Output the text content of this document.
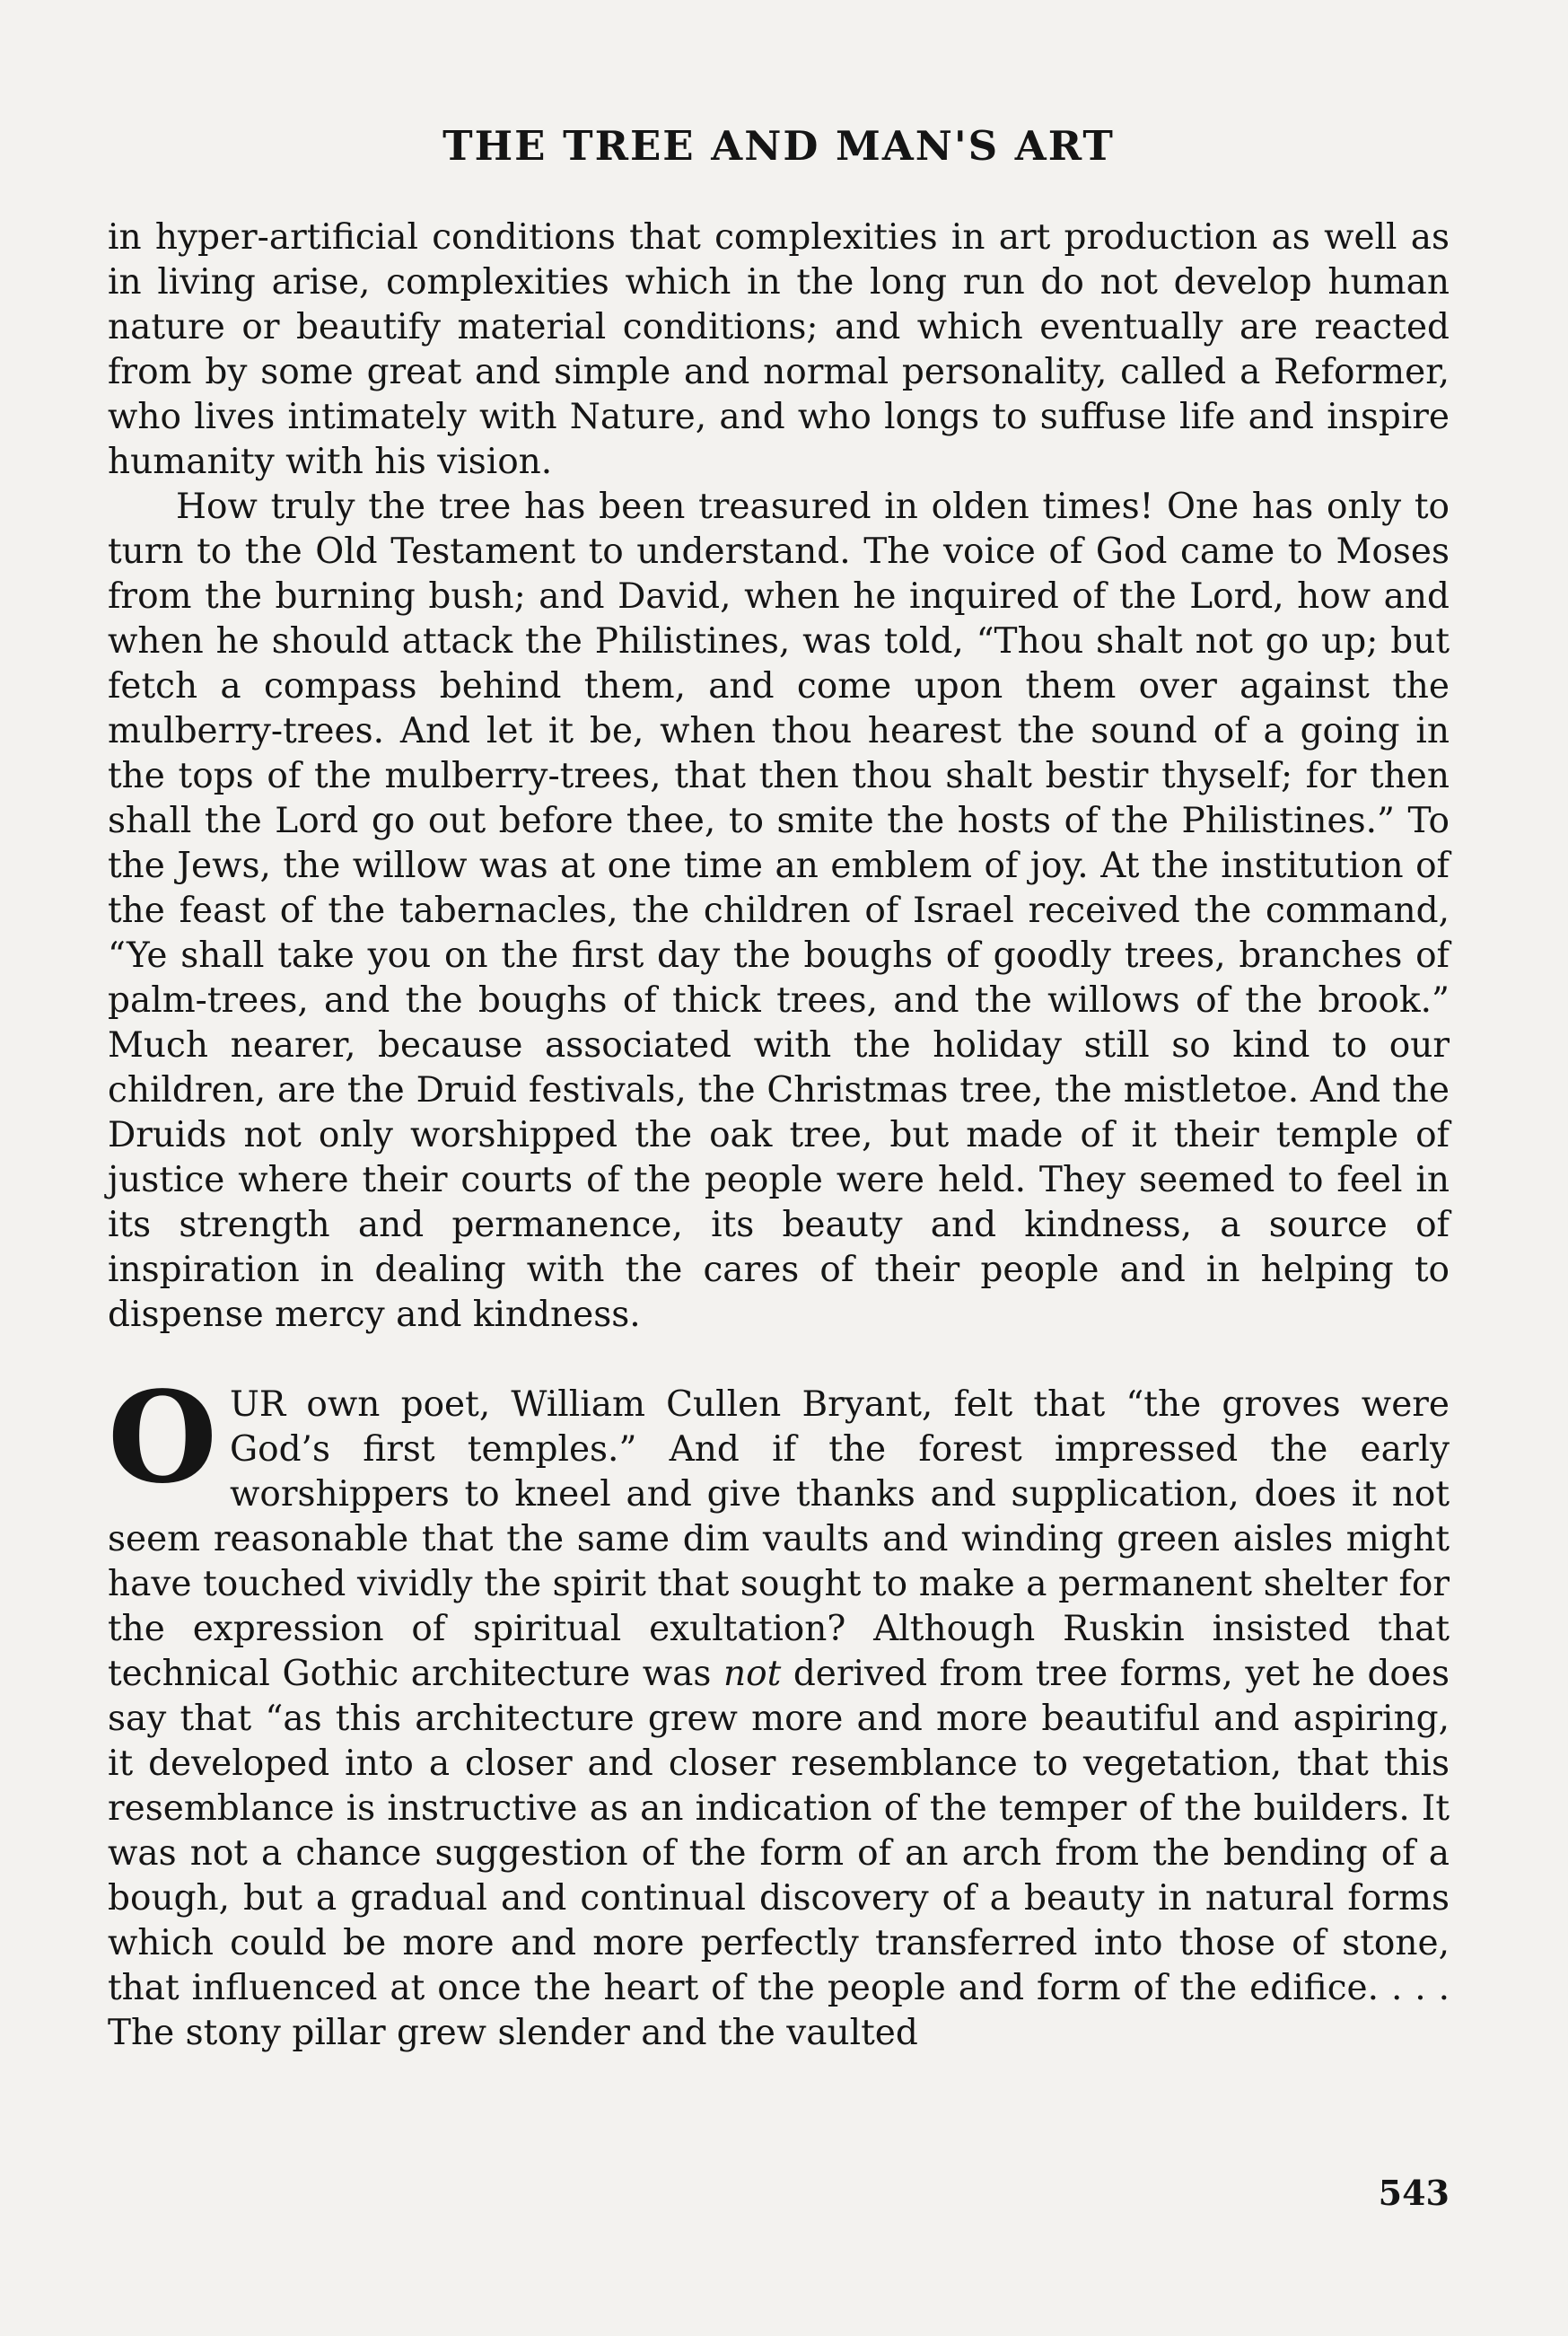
THE TREE AND MAN'S ART

in hyper-artificial conditions that complexities in art production as well as in living arise, complexities which in the long run do not develop human nature or beautify material conditions; and which eventually are reacted from by some great and simple and normal personality, called a Reformer, who lives intimately with Nature, and who longs to suffuse life and inspire humanity with his vision.

How truly the tree has been treasured in olden times! One has only to turn to the Old Testament to understand. The voice of God came to Moses from the burning bush; and David, when he inquired of the Lord, how and when he should attack the Philistines, was told, “Thou shalt not go up; but fetch a compass behind them, and come upon them over against the mulberry-trees. And let it be, when thou hearest the sound of a going in the tops of the mulberry-trees, that then thou shalt bestir thyself; for then shall the Lord go out before thee, to smite the hosts of the Philistines.” To the Jews, the willow was at one time an emblem of joy. At the institution of the feast of the tabernacles, the children of Israel received the command, “Ye shall take you on the first day the boughs of goodly trees, branches of palm-trees, and the boughs of thick trees, and the willows of the brook.” Much nearer, because associated with the holiday still so kind to our children, are the Druid festivals, the Christmas tree, the mistletoe. And the Druids not only worshipped the oak tree, but made of it their temple of justice where their courts of the people were held. They seemed to feel in its strength and permanence, its beauty and kindness, a source of inspiration in dealing with the cares of their people and in helping to dispense mercy and kindness.

OUR own poet, William Cullen Bryant, felt that “the groves were God’s first temples.” And if the forest impressed the early worshippers to kneel and give thanks and supplication, does it not seem reasonable that the same dim vaults and winding green aisles might have touched vividly the spirit that sought to make a permanent shelter for the expression of spiritual exultation? Although Ruskin insisted that technical Gothic architecture was not derived from tree forms, yet he does say that “as this architecture grew more and more beautiful and aspiring, it developed into a closer and closer resemblance to vegetation, that this resemblance is instructive as an indication of the temper of the builders. It was not a chance suggestion of the form of an arch from the bending of a bough, but a gradual and continual discovery of a beauty in natural forms which could be more and more perfectly transferred into those of stone, that influenced at once the heart of the people and form of the edifice. . . . The stony pillar grew slender and the vaulted

543
